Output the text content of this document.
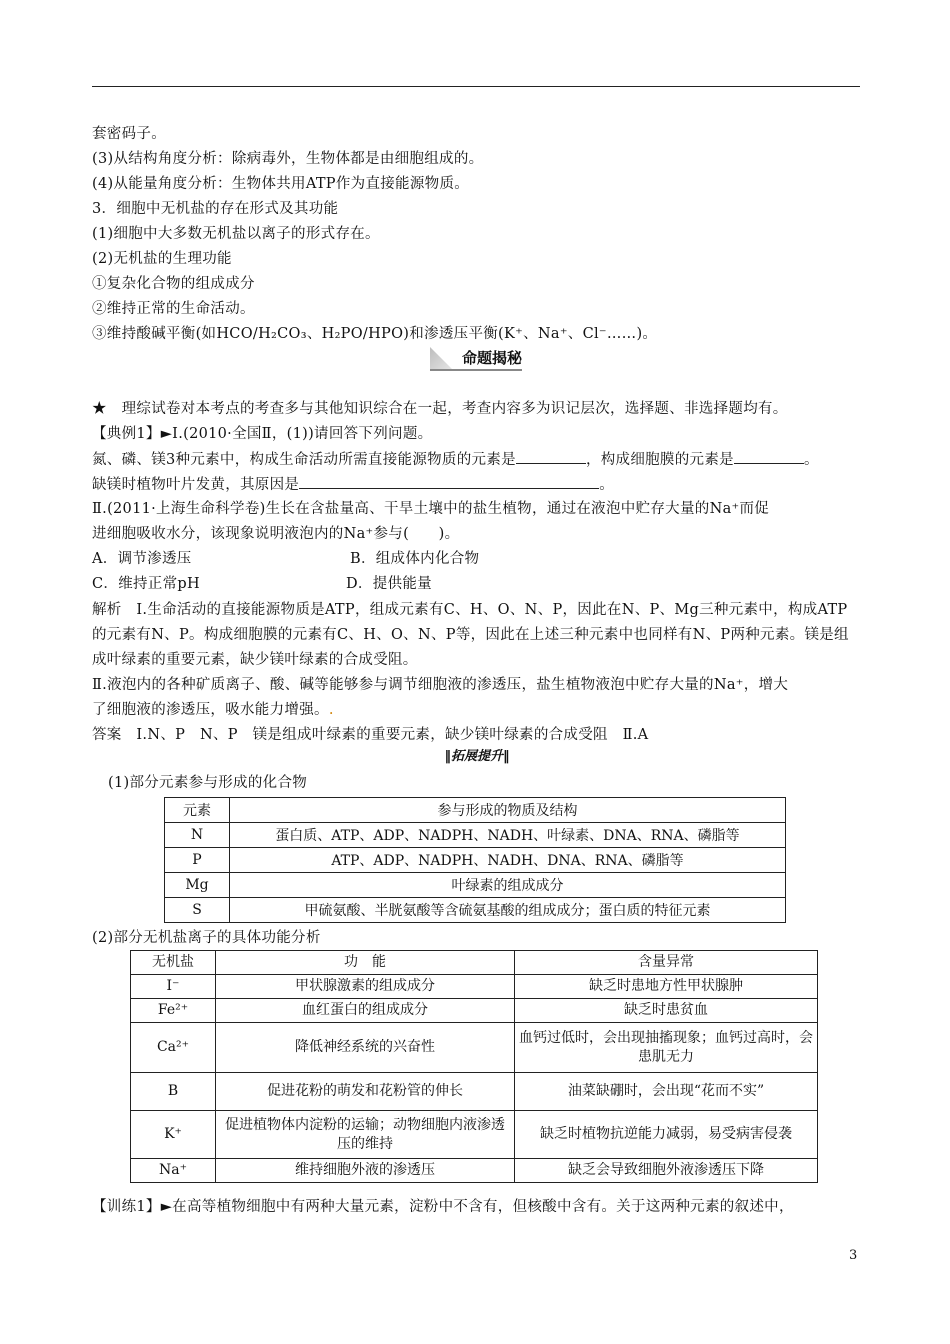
套密码子。
(3)从结构角度分析：除病毒外，生物体都是由细胞组成的。
(4)从能量角度分析：生物体共用ATP作为直接能源物质。
3．细胞中无机盐的存在形式及其功能
(1)细胞中大多数无机盐以离子的形式存在。
(2)无机盐的生理功能
①复杂化合物的组成成分
②维持正常的生命活动。
③维持酸碱平衡(如HCO/H₂CO₃、H₂PO/HPO)和渗透压平衡(K⁺、Na⁺、Cl⁻……)。
命题揭秘
★　理综试卷对本考点的考查多与其他知识综合在一起，考查内容多为识记层次，选择题、非选择题均有。
【典例1】►Ⅰ.(2010·全国Ⅱ，(1))请回答下列问题。
氮、磷、镁3种元素中，构成生命活动所需直接能源物质的元素是	，构成细胞膜的元素是	。
缺镁时植物叶片发黄，其原因是	。
Ⅱ.(2011·上海生命科学卷)生长在含盐量高、干旱土壤中的盐生植物，通过在液泡中贮存大量的Na⁺而促
进细胞吸收水分，该现象说明液泡内的Na⁺参与(　　)。
A．调节渗透压	B．组成体内化合物
C．维持正常pH	D．提供能量
解析　Ⅰ.生命活动的直接能源物质是ATP，组成元素有C、H、O、N、P，因此在N、P、Mg三种元素中，构成ATP
的元素有N、P。构成细胞膜的元素有C、H、O、N、P等，因此在上述三种元素中也同样有N、P两种元素。镁是组
成叶绿素的重要元素，缺少镁叶绿素的合成受阻。
Ⅱ.液泡内的各种矿质离子、酸、碱等能够参与调节细胞液的渗透压，盐生植物液泡中贮存大量的Na⁺，增大
了细胞液的渗透压，吸水能力增强。.
答案　Ⅰ.N、P　N、P　镁是组成叶绿素的重要元素，缺少镁叶绿素的合成受阻　Ⅱ.A
‖拓展提升‖
(1)部分元素参与形成的化合物
元素	参与形成的物质及结构
N	蛋白质、ATP、ADP、NADPH、NADH、叶绿素、DNA、RNA、磷脂等
P	ATP、ADP、NADPH、NADH、DNA、RNA、磷脂等
Mg	叶绿素的组成成分
S	甲硫氨酸、半胱氨酸等含硫氨基酸的组成成分；蛋白质的特征元素
(2)部分无机盐离子的具体功能分析
无机盐	功　能	含量异常
I⁻	甲状腺激素的组成成分	缺乏时患地方性甲状腺肿
Fe²⁺	血红蛋白的组成成分	缺乏时患贫血
Ca²⁺	降低神经系统的兴奋性	血钙过低时，会出现抽搐现象；血钙过高时，会患肌无力
B	促进花粉的萌发和花粉管的伸长	油菜缺硼时，会出现“花而不实”
K⁺	促进植物体内淀粉的运输；动物细胞内液渗透压的维持	缺乏时植物抗逆能力减弱，易受病害侵袭
Na⁺	维持细胞外液的渗透压	缺乏会导致细胞外液渗透压下降
【训练1】►在高等植物细胞中有两种大量元素，淀粉中不含有，但核酸中含有。关于这两种元素的叙述中，
3
